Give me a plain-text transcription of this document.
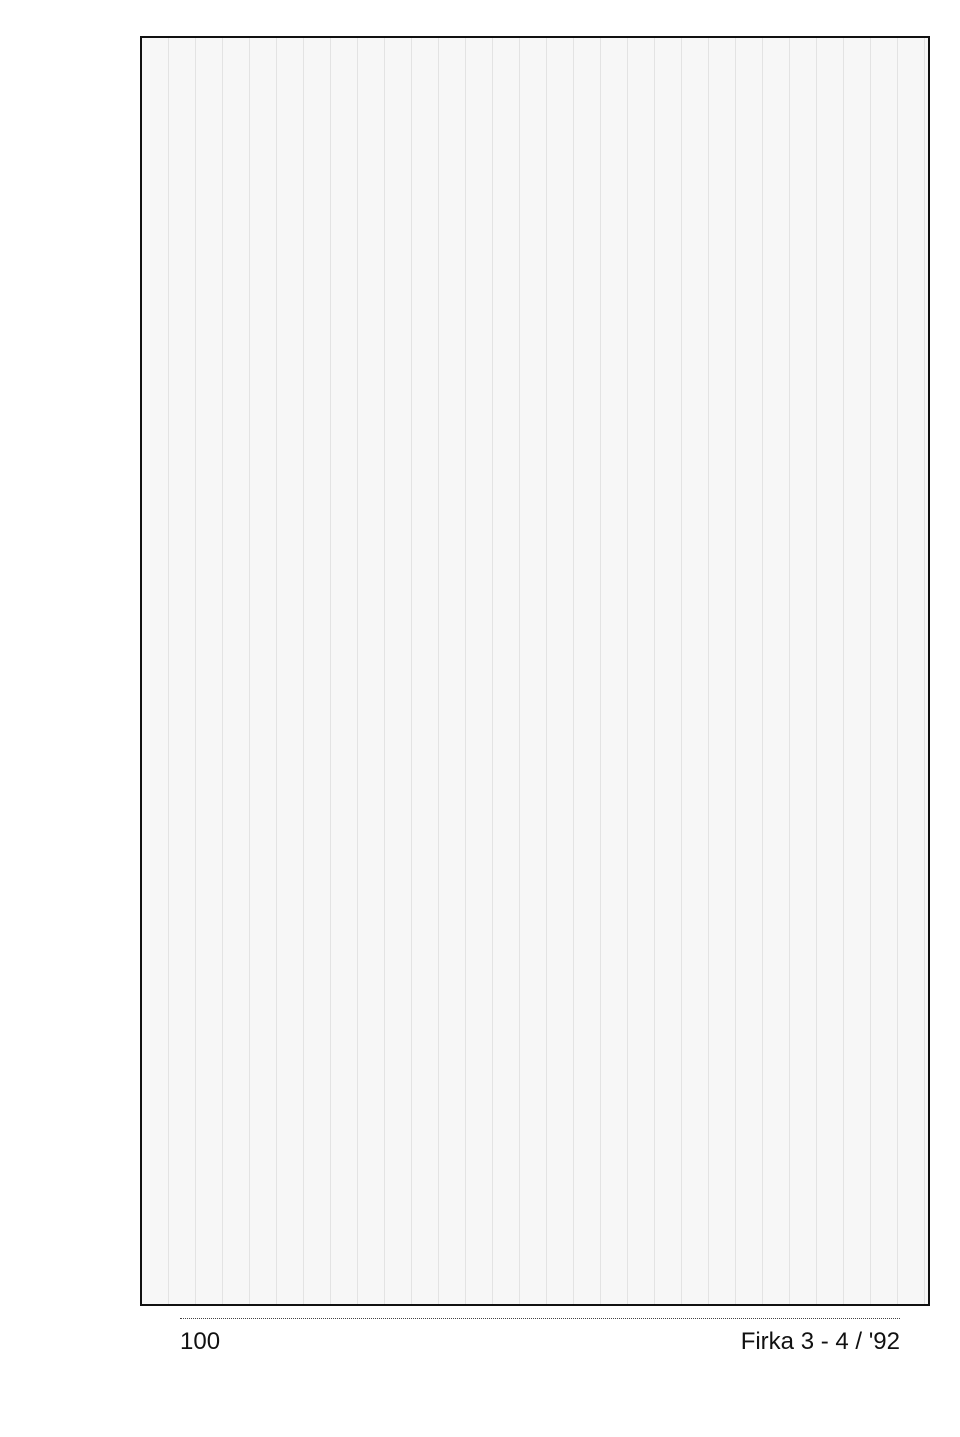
100	Firka 3 - 4 / '92
